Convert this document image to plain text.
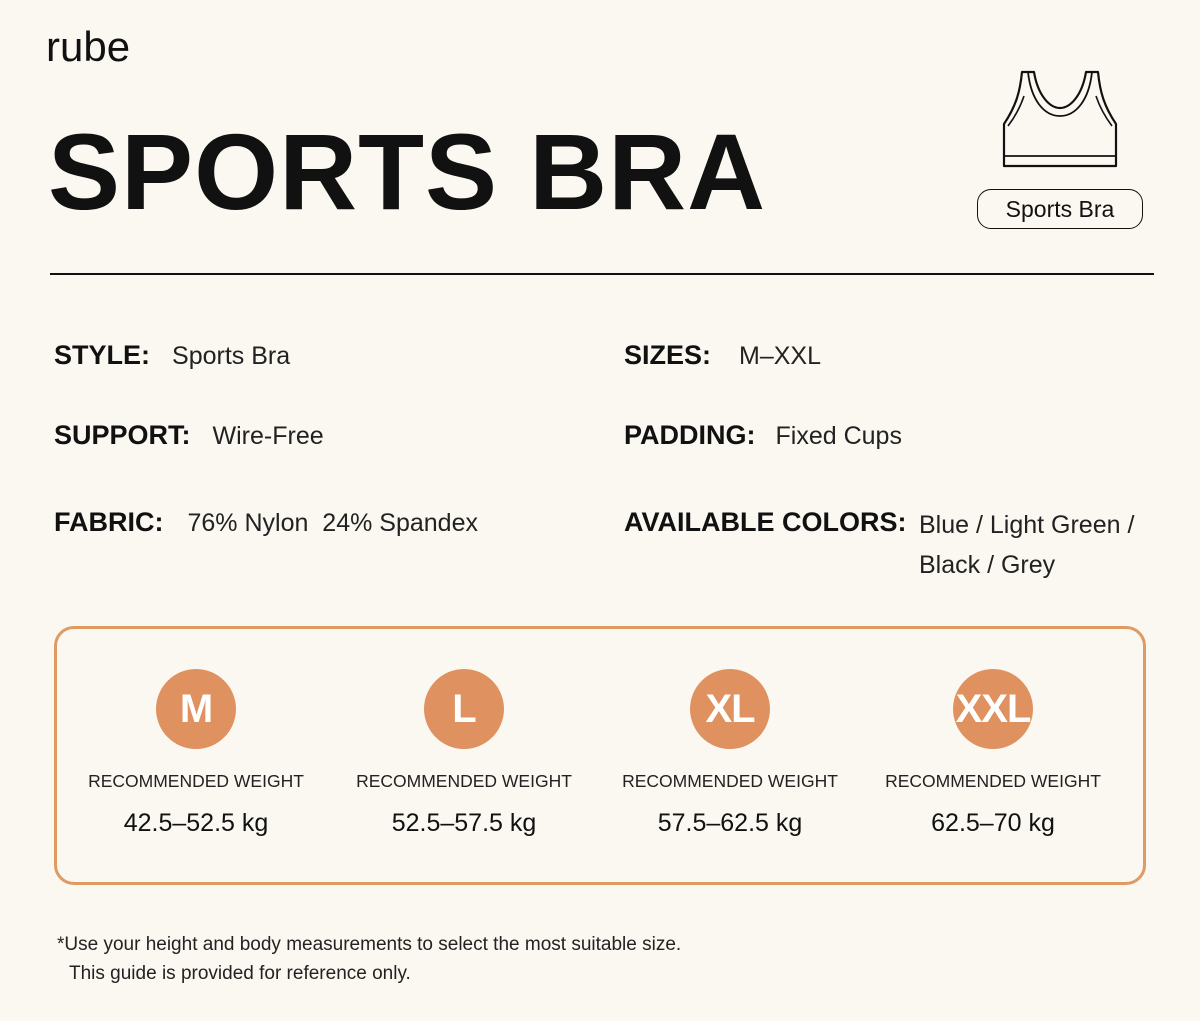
rube
SPORTS BRA	Sports Bra
STYLE: Sports Bra	SIZES: M–XXL
SUPPORT: Wire-Free	PADDING: Fixed Cups
FABRIC: 76% Nylon  24% Spandex	AVAILABLE COLORS: Blue / Light Green / Black / Grey
M
RECOMMENDED WEIGHT
42.5–52.5 kg
L
RECOMMENDED WEIGHT
52.5–57.5 kg
XL
RECOMMENDED WEIGHT
57.5–62.5 kg
XXL
RECOMMENDED WEIGHT
62.5–70 kg
*Use your height and body measurements to select the most suitable size.
This guide is provided for reference only.
